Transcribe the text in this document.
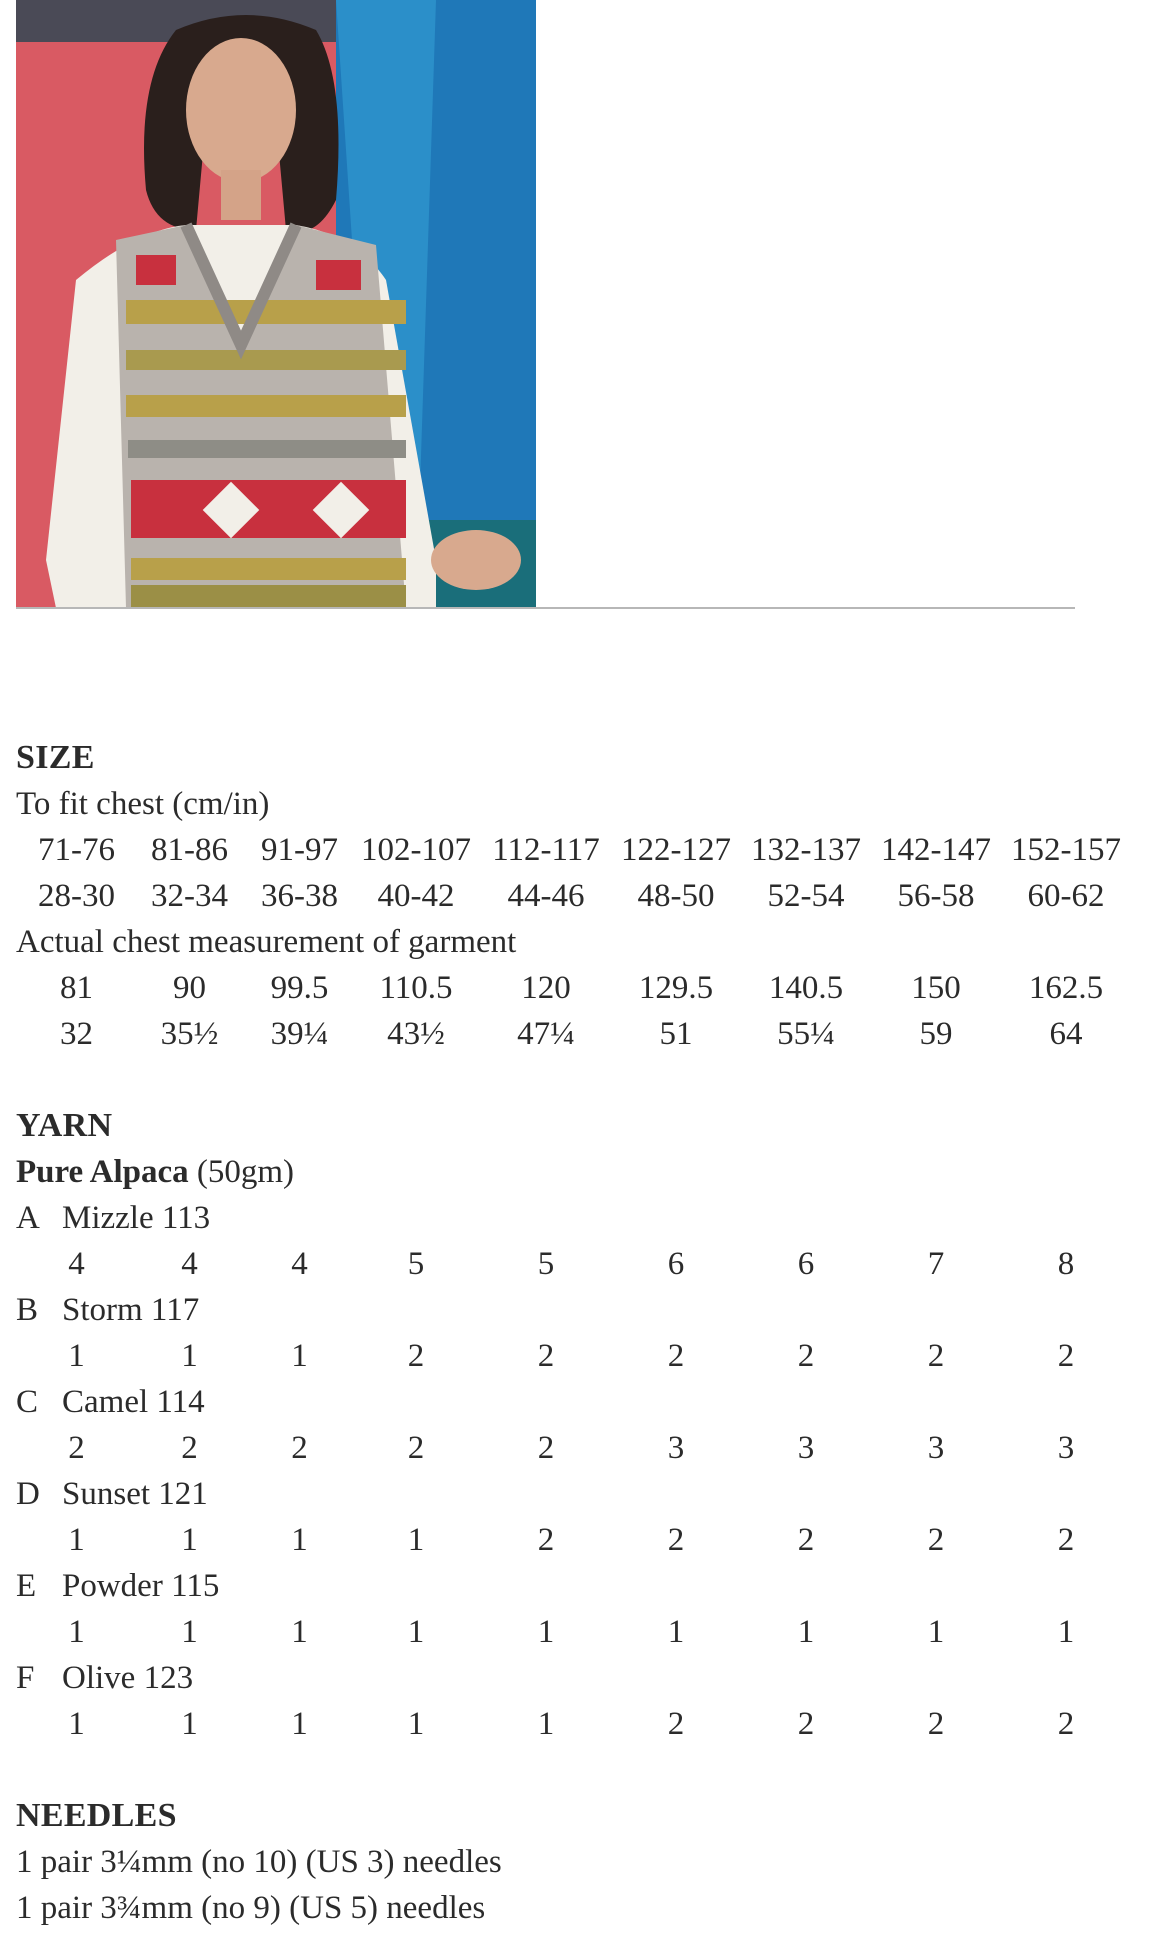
SIZE
To fit chest (cm/in)
71-76	81-86	91-97 102-107 112-117 122-127 132-137 142-147 152-157
28-30	32-34	36-38	40-42	44-46	48-50	52-54	56-58	60-62
Actual chest measurement of garment
81	90	99.5	110.5	120	129.5	140.5	150	162.5
32	35½	39¼	43½	47¼	51	55¼	59	64
YARN
Pure Alpaca (50gm)
A Mizzle 113
4	4	4	5	5	6	6	7	8
B Storm 117
1	1	1	2	2	2	2	2	2
C Camel 114
2	2	2	2	2	3	3	3	3
D Sunset 121
1	1	1	1	2	2	2	2	2
E Powder 115
1	1	1	1	1	1	1	1	1
F Olive 123
1	1	1	1	1	2	2	2	2
NEEDLES
1 pair 3¼mm (no 10) (US 3) needles
1 pair 3¾mm (no 9) (US 5) needles
